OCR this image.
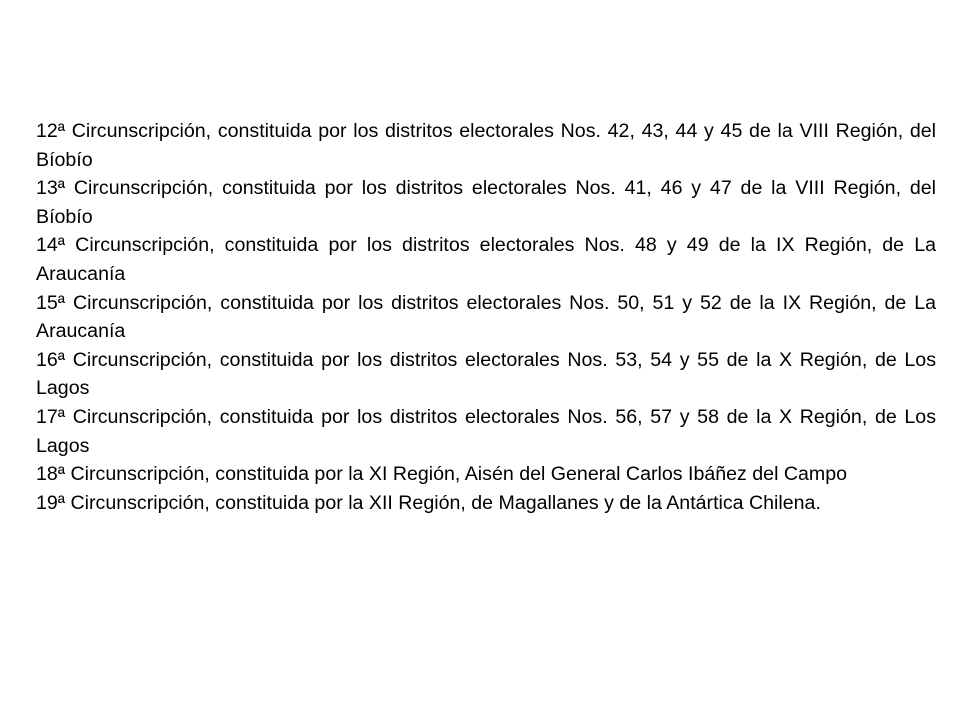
12ª Circunscripción, constituida por los distritos electorales Nos. 42, 43, 44 y 45 de la VIII Región, del Bíobío

13ª Circunscripción, constituida por los distritos electorales Nos. 41, 46 y 47 de la VIII Región, del Bíobío

14ª Circunscripción, constituida por los distritos electorales Nos. 48 y 49 de la IX Región, de La Araucanía

15ª Circunscripción, constituida por los distritos electorales Nos. 50, 51 y 52 de la IX Región, de La Araucanía

16ª Circunscripción, constituida por los distritos electorales Nos. 53, 54 y 55 de la X Región, de Los Lagos

17ª Circunscripción, constituida por los distritos electorales Nos. 56, 57 y 58 de la X Región, de Los Lagos

18ª Circunscripción, constituida por la XI Región, Aisén del General Carlos Ibáñez del Campo

19ª Circunscripción, constituida por la XII Región, de Magallanes y de la Antártica Chilena.
